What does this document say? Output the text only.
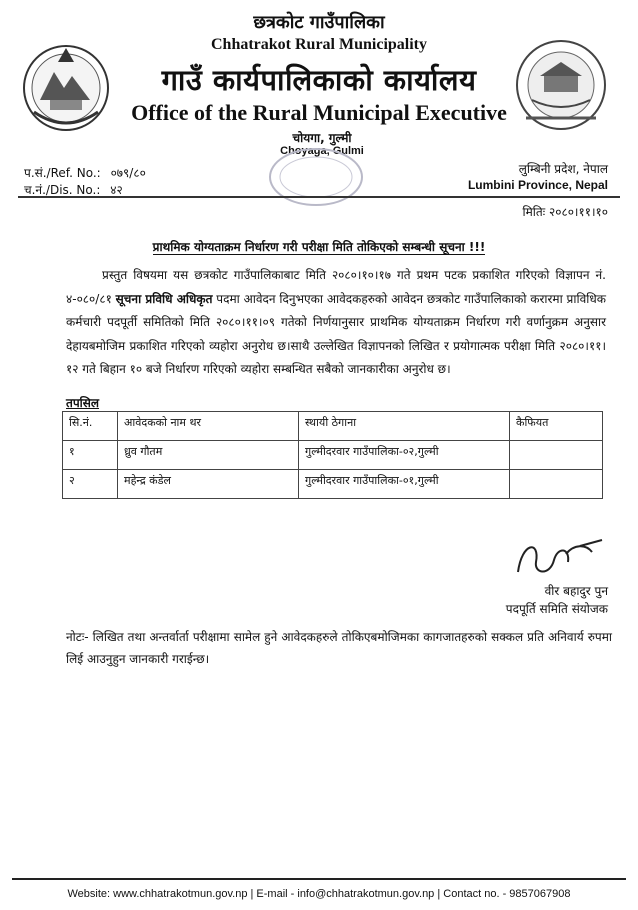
छत्रकोट गाउँपालिका
Chhatrakot Rural Municipality
गाउँ कार्यपालिकाको कार्यालय
Office of the Rural Municipal Executive
चोयगा, गुल्मी
Choyaga, Gulmi
प.सं./Ref. No.: ०७९/८०
च.नं./Dis. No.: ४२
लुम्बिनी प्रदेश, नेपाल
Lumbini Province, Nepal
मितिः २०८०।११।१०
प्राथमिक योग्यताक्रम निर्धारण गरी परीक्षा मिति तोकिएको सम्बन्धी सूचना !!!
प्रस्तुत विषयमा यस छत्रकोट गाउँपालिकाबाट मिति २०८०।१०।१७ गते प्रथम पटक प्रकाशित गरिएको विज्ञापन नं. ४-०८०/८१ सूचना प्रविधि अधिकृत पदमा आवेदन दिनुभएका आवेदकहरुको आवेदन छत्रकोट गाउँपालिकाको करारमा प्राविधिक कर्मचारी पदपूर्ती समितिको मिति २०८०।११।०९ गतेको निर्णयानुसार प्राथमिक योग्यताक्रम निर्धारण गरी वर्णानुक्रम अनुसार देहायबमोजिम प्रकाशित गरिएको व्यहोरा अनुरोध छ।साथै उल्लेखित विज्ञापनको लिखित र प्रयोगात्मक परीक्षा मिति २०८०।११।१२ गते बिहान १० बजे निर्धारण गरिएको व्यहोरा सम्बन्धित सबैको जानकारीका अनुरोध छ।
तपसिल
सि.नं.	आवेदकको नाम थर	स्थायी ठेगाना	कैफियत
१	ध्रुव गौतम	गुल्मीदरवार गाउँपालिका-०२,गुल्मी	
२	महेन्द्र कंडेल	गुल्मीदरवार गाउँपालिका-०१,गुल्मी	
वीर बहादुर पुन
पदपूर्ति समिति संयोजक
नोटः- लिखित तथा अन्तर्वार्ता परीक्षामा सामेल हुने आवेदकहरुले तोकिएबमोजिमका कागजातहरुको सक्कल प्रति अनिवार्य रुपमा लिई आउनुहुन जानकारी गराईन्छ।
Website: www.chhatrakotmun.gov.np | E-mail - info@chhatrakotmun.gov.np | Contact no. - 9857067908
